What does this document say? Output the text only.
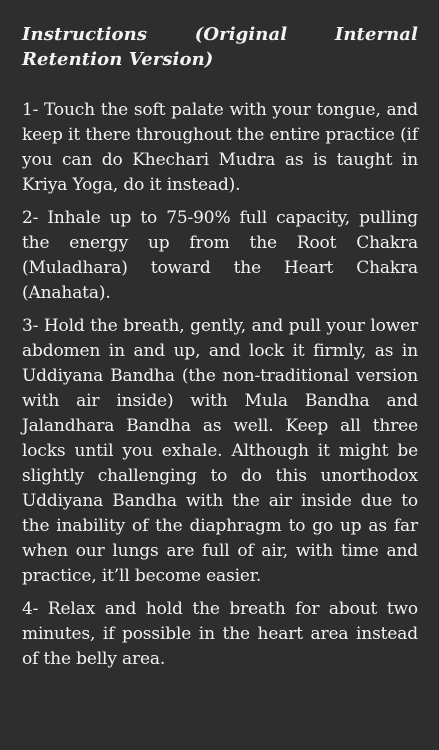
Instructions (Original Internal Retention Version)

1- Touch the soft palate with your tongue, and keep it there throughout the entire practice (if you can do Khechari Mudra as is taught in Kriya Yoga, do it instead).

2- Inhale up to 75-90% full capacity, pulling the energy up from the Root Chakra (Muladhara) toward the Heart Chakra (Anahata).

3- Hold the breath, gently, and pull your lower abdomen in and up, and lock it firmly, as in Uddiyana Bandha (the non-traditional version with air inside) with Mula Bandha and Jalandhara Bandha as well. Keep all three locks until you exhale. Although it might be slightly challenging to do this unorthodox Uddiyana Bandha with the air inside due to the inability of the diaphragm to go up as far when our lungs are full of air, with time and practice, it’ll become easier.

4- Relax and hold the breath for about two minutes, if possible in the heart area instead of the belly area.
